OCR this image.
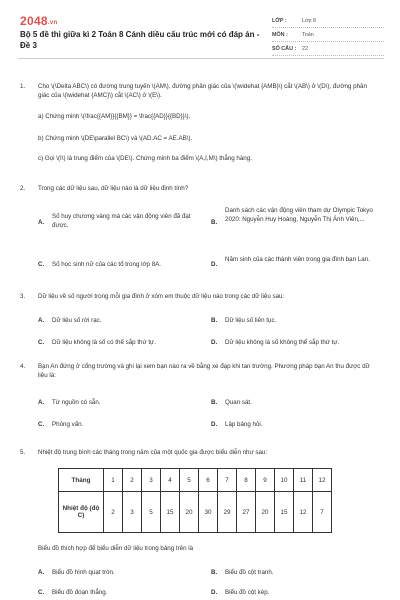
2048.vn
Bộ 5 đề thi giữa kì 2 Toán 8 Cánh diều cấu trúc mới có đáp án - Đề 3
LỚP :	Lớp 8
MÔN :	Toán
SỐ CÂU :	22
1. Cho \(\Delta ABC\) có đường trung tuyến \(AM\), đường phân giác của \(\widehat {AMB}\) cắt \(AB\) ở \(D\), đường phân giác của \(\widehat {AMC}\) cắt \(AC\) ở \(E\).
a) Chứng minh \(\frac{{AM}}{{BM}} = \frac{{AD}}{{BD}}\).
b) Chứng minh \(DE\parallel BC\) và \(AD.AC = AE.AB\).
c) Gọi \(I\) là trung điểm của \(DE\). Chứng minh ba điểm \(A,I,M\) thẳng hàng.
2. Trong các dữ liệu sau, dữ liệu nào là dữ liệu định tính?
A.
Số huy chương vàng mà các vận động viên đã đạt được.	B.
Danh sách các vận động viên tham dự Olympic Tokyo 2020: Nguyễn Huy Hoàng, Nguyễn Thị Ánh Viên,...
C. Số học sinh nữ của các tổ trong lớp 8A.	D.
Năm sinh của các thành viên trong gia đình bạn Lan.
3. Dữ liệu về số người trong mỗi gia đình ở xóm em thuộc dữ liệu nào trong các dữ liệu sau:
A. Dữ liệu số rời rạc.	B. Dữ liệu số liên tục.
C. Dữ liệu không là số có thể sắp thứ tự.	D. Dữ liệu không là số không thể sắp thứ tự.
4. Bạn An đứng ở cổng trường và ghi lại xem bạn nào ra về bằng xe đạp khi tan trường. Phương pháp bạn An thu được dữ liệu là:
A. Từ nguồn có sẵn.	B. Quan sát.
C. Phỏng vấn.	D. Lập bảng hỏi.
5. Nhiệt độ trung bình các tháng trong năm của một quốc gia được biểu diễn như sau:
Tháng	1	2	3	4	5	6	7	8	9	10	11	12
Nhiệt độ (độ C)	2	3	5	15	20	30	29	27	20	15	12	7
Biểu đồ thích hợp để biểu diễn dữ liệu trong bảng trên là
A. Biểu đồ hình quạt tròn.	B. Biểu đồ cột tranh.
C. Biểu đồ đoạn thẳng.	D. Biểu đồ cột kép.
